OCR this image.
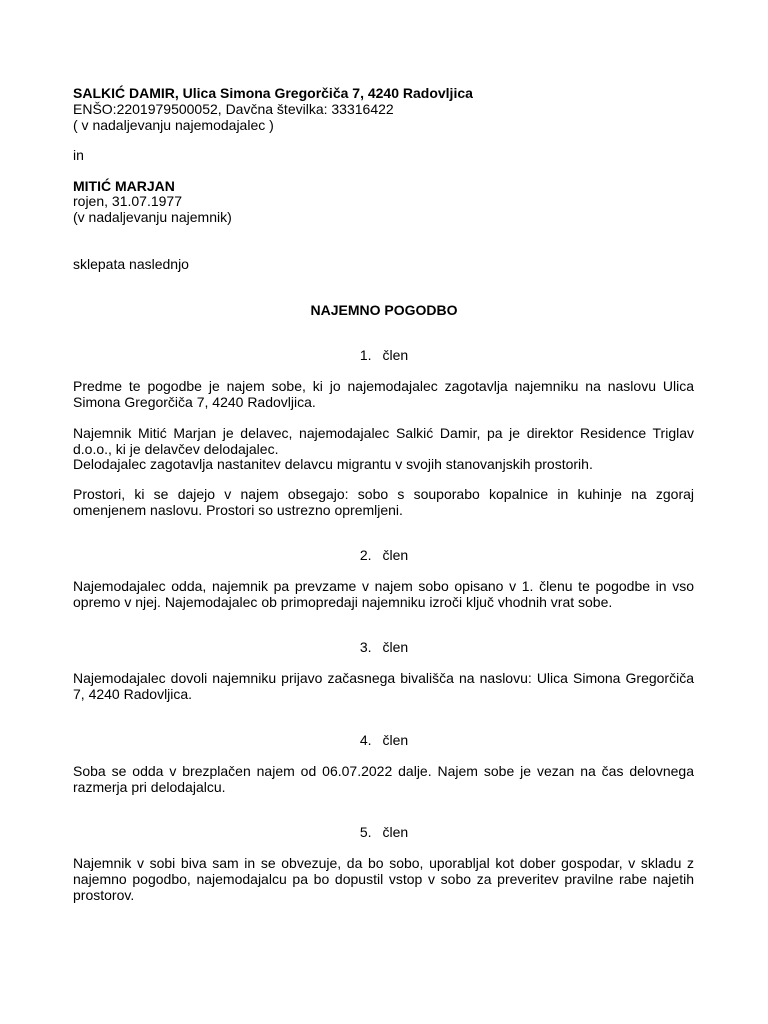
SALKIĆ DAMIR, Ulica Simona Gregorčiča 7, 4240 Radovljica
ENŠO:2201979500052, Davčna številka: 33316422
( v nadaljevanju najemodajalec )
in
MITIĆ MARJAN
rojen, 31.07.1977
(v nadaljevanju najemnik)
sklepata naslednjo
NAJEMNO POGODBO
1. člen
Predme te pogodbe je najem sobe, ki jo najemodajalec zagotavlja najemniku na naslovu Ulica Simona Gregorčiča 7, 4240 Radovljica.
Najemnik Mitić Marjan je delavec, najemodajalec Salkić Damir, pa je direktor Residence Triglav d.o.o., ki je delavčev delodajalec.
Delodajalec zagotavlja nastanitev delavcu migrantu v svojih stanovanjskih prostorih.
Prostori, ki se dajejo v najem obsegajo: sobo s souporabo kopalnice in kuhinje na zgoraj omenjenem naslovu. Prostori so ustrezno opremljeni.
2. člen
Najemodajalec odda, najemnik pa prevzame v najem sobo opisano v 1. členu te pogodbe in vso opremo v njej. Najemodajalec ob primopredaji najemniku izroči ključ vhodnih vrat sobe.
3. člen
Najemodajalec dovoli najemniku prijavo začasnega bivališča na naslovu: Ulica Simona Gregorčiča 7, 4240 Radovljica.
4. člen
Soba se odda v brezplačen najem od 06.07.2022 dalje. Najem sobe je vezan na čas delovnega razmerja pri delodajalcu.
5. člen
Najemnik v sobi biva sam in se obvezuje, da bo sobo, uporabljal kot dober gospodar, v skladu z najemno pogodbo, najemodajalcu pa bo dopustil vstop v sobo za preveritev pravilne rabe najetih prostorov.
